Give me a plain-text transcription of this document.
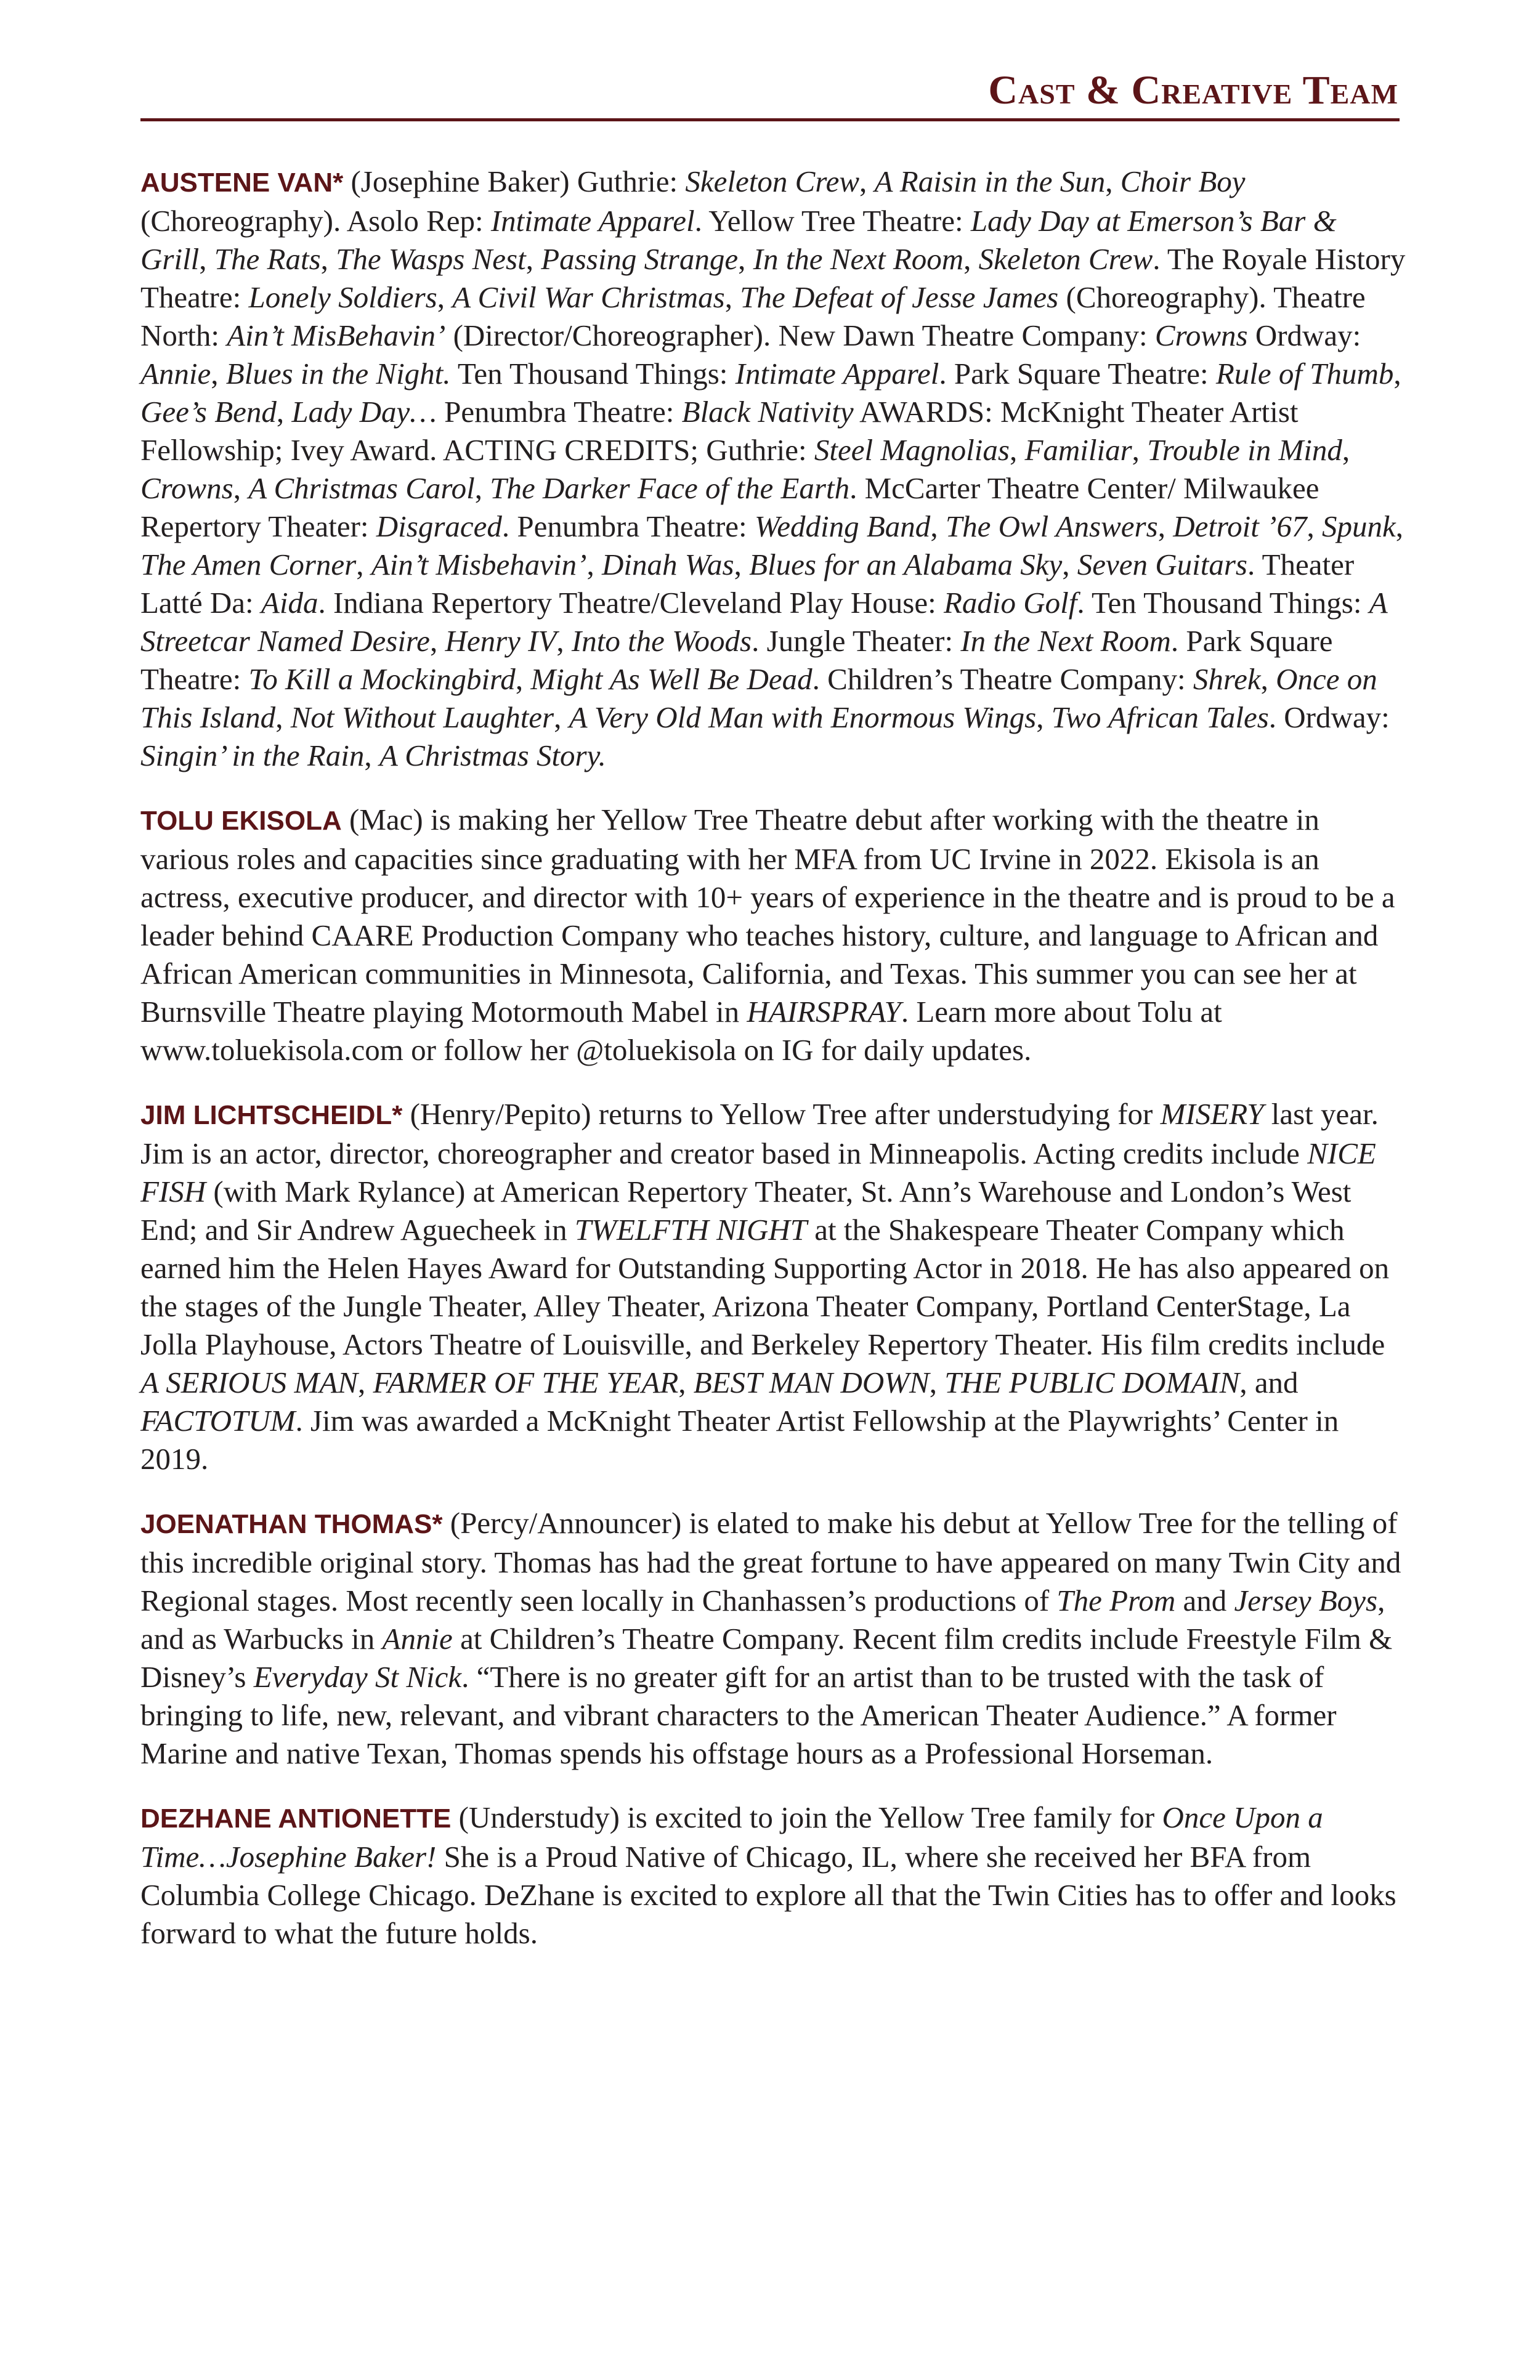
Cast & Creative Team

AUSTENE VAN* (Josephine Baker) Guthrie: Skeleton Crew, A Raisin in the Sun, Choir Boy (Choreography). Asolo Rep: Intimate Apparel. Yellow Tree Theatre: Lady Day at Emerson’s Bar & Grill, The Rats, The Wasps Nest, Passing Strange, In the Next Room, Skeleton Crew. The Royale History Theatre: Lonely Soldiers, A Civil War Christmas, The Defeat of Jesse James (Choreography). Theatre North: Ain’t MisBehavin’ (Director/Choreographer). New Dawn Theatre Company: Crowns Ordway: Annie, Blues in the Night. Ten Thousand Things: Intimate Apparel. Park Square Theatre: Rule of Thumb, Gee’s Bend, Lady Day… Penumbra Theatre: Black Nativity AWARDS: McKnight Theater Artist Fellowship; Ivey Award. ACTING CREDITS; Guthrie: Steel Magnolias, Familiar, Trouble in Mind, Crowns, A Christmas Carol, The Darker Face of the Earth. McCarter Theatre Center/ Milwaukee Repertory Theater: Disgraced. Penumbra Theatre: Wedding Band, The Owl Answers, Detroit ’67, Spunk, The Amen Corner, Ain’t Misbehavin’, Dinah Was, Blues for an Alabama Sky, Seven Guitars. Theater Latté Da: Aida. Indiana Repertory Theatre/Cleveland Play House: Radio Golf. Ten Thousand Things: A Streetcar Named Desire, Henry IV, Into the Woods. Jungle Theater: In the Next Room. Park Square Theatre: To Kill a Mockingbird, Might As Well Be Dead. Children’s Theatre Company: Shrek, Once on This Island, Not Without Laughter, A Very Old Man with Enormous Wings, Two African Tales. Ordway: Singin’ in the Rain, A Christmas Story.

TOLU EKISOLA (Mac) is making her Yellow Tree Theatre debut after working with the theatre in various roles and capacities since graduating with her MFA from UC Irvine in 2022. Ekisola is an actress, executive producer, and director with 10+ years of experience in the theatre and is proud to be a leader behind CAARE Production Company who teaches history, culture, and language to African and African American communities in Minnesota, California, and Texas. This summer you can see her at Burnsville Theatre playing Motormouth Mabel in HAIRSPRAY. Learn more about Tolu at www.toluekisola.com or follow her @toluekisola on IG for daily updates.

JIM LICHTSCHEIDL* (Henry/Pepito) returns to Yellow Tree after understudying for MISERY last year. Jim is an actor, director, choreographer and creator based in Minneapolis. Acting credits include NICE FISH (with Mark Rylance) at American Repertory Theater, St. Ann’s Warehouse and London’s West End; and Sir Andrew Aguecheek in TWELFTH NIGHT at the Shakespeare Theater Company which earned him the Helen Hayes Award for Outstanding Supporting Actor in 2018. He has also appeared on the stages of the Jungle Theater, Alley Theater, Arizona Theater Company, Portland CenterStage, La Jolla Playhouse, Actors Theatre of Louisville, and Berkeley Repertory Theater. His film credits include A SERIOUS MAN, FARMER OF THE YEAR, BEST MAN DOWN, THE PUBLIC DOMAIN, and FACTOTUM. Jim was awarded a McKnight Theater Artist Fellowship at the Playwrights’ Center in 2019.

JOENATHAN THOMAS* (Percy/Announcer) is elated to make his debut at Yellow Tree for the telling of this incredible original story. Thomas has had the great fortune to have appeared on many Twin City and Regional stages. Most recently seen locally in Chanhassen’s productions of The Prom and Jersey Boys, and as Warbucks in Annie at Children’s Theatre Company. Recent film credits include Freestyle Film & Disney’s Everyday St Nick. “There is no greater gift for an artist than to be trusted with the task of bringing to life, new, relevant, and vibrant characters to the American Theater Audience.” A former Marine and native Texan, Thomas spends his offstage hours as a Professional Horseman.

DEZHANE ANTIONETTE (Understudy) is excited to join the Yellow Tree family for Once Upon a Time…Josephine Baker! She is a Proud Native of Chicago, IL, where she received her BFA from Columbia College Chicago. DeZhane is excited to explore all that the Twin Cities has to offer and looks forward to what the future holds.
